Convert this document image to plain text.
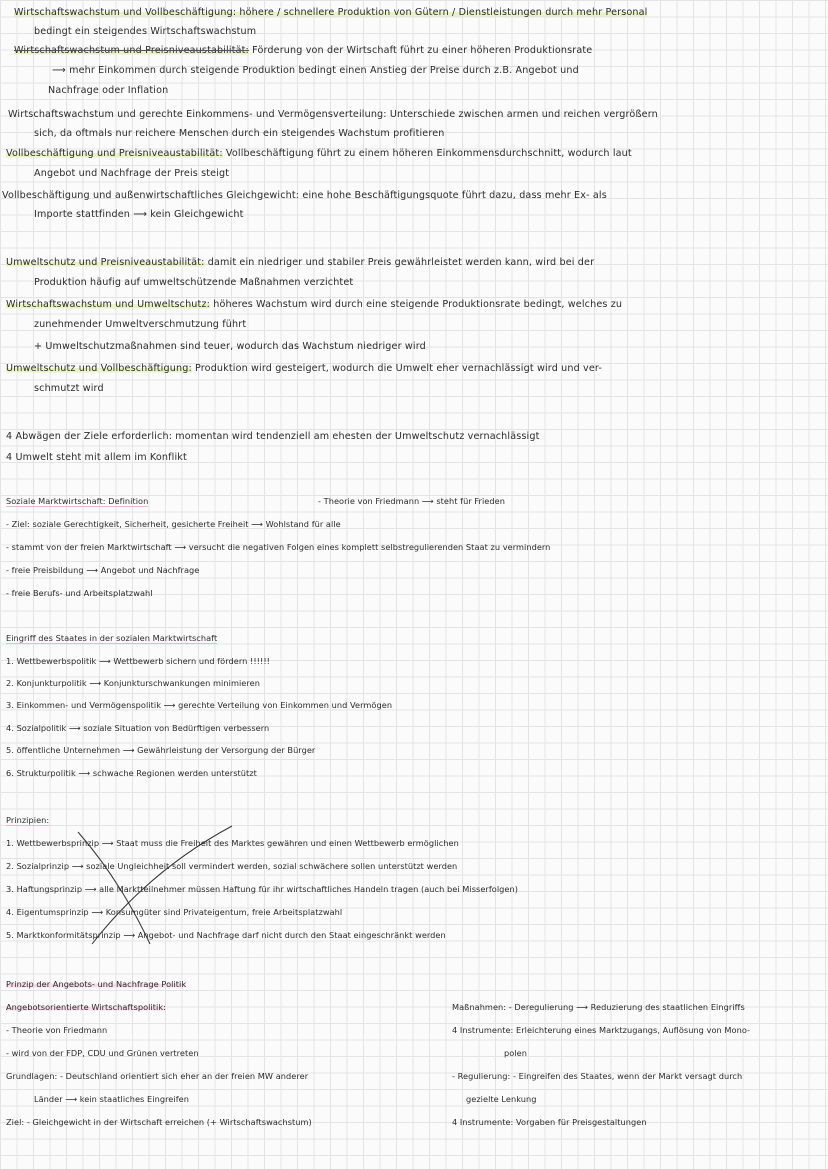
Wirtschaftswachstum und Vollbeschäftigung: höhere / schnellere Produktion von Gütern / Dienstleistungen durch mehr Personal
bedingt ein steigendes Wirtschaftswachstum
Wirtschaftswachstum und Preisniveaustabilität: Förderung von der Wirtschaft führt zu einer höheren Produktionsrate
⟶ mehr Einkommen durch steigende Produktion bedingt einen Anstieg der Preise durch z.B. Angebot und
Nachfrage oder Inflation
Wirtschaftswachstum und gerechte Einkommens- und Vermögensverteilung: Unterschiede zwischen armen und reichen vergrößern
sich, da oftmals nur reichere Menschen durch ein steigendes Wachstum profitieren
Vollbeschäftigung und Preisniveaustabilität: Vollbeschäftigung führt zu einem höheren Einkommensdurchschnitt, wodurch laut
Angebot und Nachfrage der Preis steigt
Vollbeschäftigung und außenwirtschaftliches Gleichgewicht: eine hohe Beschäftigungsquote führt dazu, dass mehr Ex- als
Importe stattfinden ⟶ kein Gleichgewicht
Umweltschutz und Preisniveaustabilität: damit ein niedriger und stabiler Preis gewährleistet werden kann, wird bei der
Produktion häufig auf umweltschützende Maßnahmen verzichtet
Wirtschaftswachstum und Umweltschutz: höheres Wachstum wird durch eine steigende Produktionsrate bedingt, welches zu
zunehmender Umweltverschmutzung führt
+ Umweltschutzmaßnahmen sind teuer, wodurch das Wachstum niedriger wird
Umweltschutz und Vollbeschäftigung: Produktion wird gesteigert, wodurch die Umwelt eher vernachlässigt wird und ver-
schmutzt wird
4 Abwägen der Ziele erforderlich: momentan wird tendenziell am ehesten der Umweltschutz vernachlässigt
4 Umwelt steht mit allem im Konflikt
Soziale Marktwirtschaft: Definition	- Theorie von Friedmann ⟶ steht für Frieden
- Ziel: soziale Gerechtigkeit, Sicherheit, gesicherte Freiheit ⟶ Wohlstand für alle
- stammt von der freien Marktwirtschaft ⟶ versucht die negativen Folgen eines komplett selbstregulierenden Staat zu vermindern
- freie Preisbildung ⟶ Angebot und Nachfrage
- freie Berufs- und Arbeitsplatzwahl
Eingriff des Staates in der sozialen Marktwirtschaft
1. Wettbewerbspolitik ⟶ Wettbewerb sichern und fördern !!!!!!
2. Konjunkturpolitik ⟶ Konjunkturschwankungen minimieren
3. Einkommen- und Vermögenspolitik ⟶ gerechte Verteilung von Einkommen und Vermögen
4. Sozialpolitik ⟶ soziale Situation von Bedürftigen verbessern
5. öffentliche Unternehmen ⟶ Gewährleistung der Versorgung der Bürger
6. Strukturpolitik ⟶ schwache Regionen werden unterstützt
Prinzipien:
1. Wettbewerbsprinzip ⟶ Staat muss die Freiheit des Marktes gewähren und einen Wettbewerb ermöglichen
2. Sozialprinzip ⟶ soziale Ungleichheit soll vermindert werden, sozial schwächere sollen unterstützt werden
3. Haftungsprinzip ⟶ alle Marktteilnehmer müssen Haftung für ihr wirtschaftliches Handeln tragen (auch bei Misserfolgen)
4. Eigentumsprinzip ⟶ Konsumgüter sind Privateigentum, freie Arbeitsplatzwahl
5. Marktkonformitätsprinzip ⟶ Angebot- und Nachfrage darf nicht durch den Staat eingeschränkt werden
Prinzip der Angebots- und Nachfrage Politik
Angebotsorientierte Wirtschaftspolitik:
- Theorie von Friedmann
- wird von der FDP, CDU und Grünen vertreten
Grundlagen: - Deutschland orientiert sich eher an der freien MW anderer
Länder ⟶ kein staatliches Eingreifen
Ziel: - Gleichgewicht in der Wirtschaft erreichen (+ Wirtschaftswachstum)
Maßnahmen: - Deregulierung ⟶ Reduzierung des staatlichen Eingriffs
4 Instrumente: Erleichterung eines Marktzugangs, Auflösung von Mono-
polen
- Regulierung: - Eingreifen des Staates, wenn der Markt versagt durch
gezielte Lenkung
4 Instrumente: Vorgaben für Preisgestaltungen
